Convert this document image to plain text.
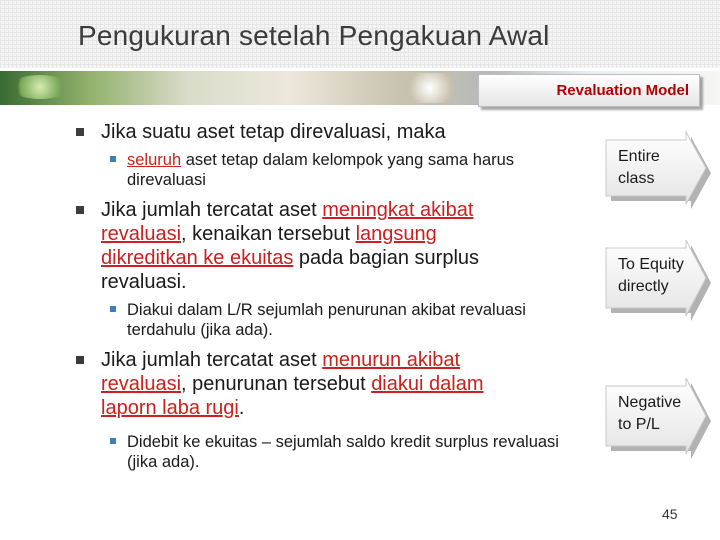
Pengukuran setelah Pengakuan Awal
Revaluation Model
Jika suatu aset tetap direvaluasi, maka
seluruh aset tetap dalam kelompok yang sama harus direvaluasi
Jika jumlah tercatat aset meningkat akibat revaluasi, kenaikan tersebut langsung dikreditkan ke ekuitas pada bagian surplus revaluasi.
Diakui dalam L/R sejumlah penurunan akibat revaluasi terdahulu (jika ada).
Jika jumlah tercatat aset menurun akibat revaluasi, penurunan tersebut diakui dalam laporn laba rugi.
Didebit ke ekuitas – sejumlah saldo kredit surplus revaluasi (jika ada).
Entire
class
To Equity
directly
Negative
to P/L
45
